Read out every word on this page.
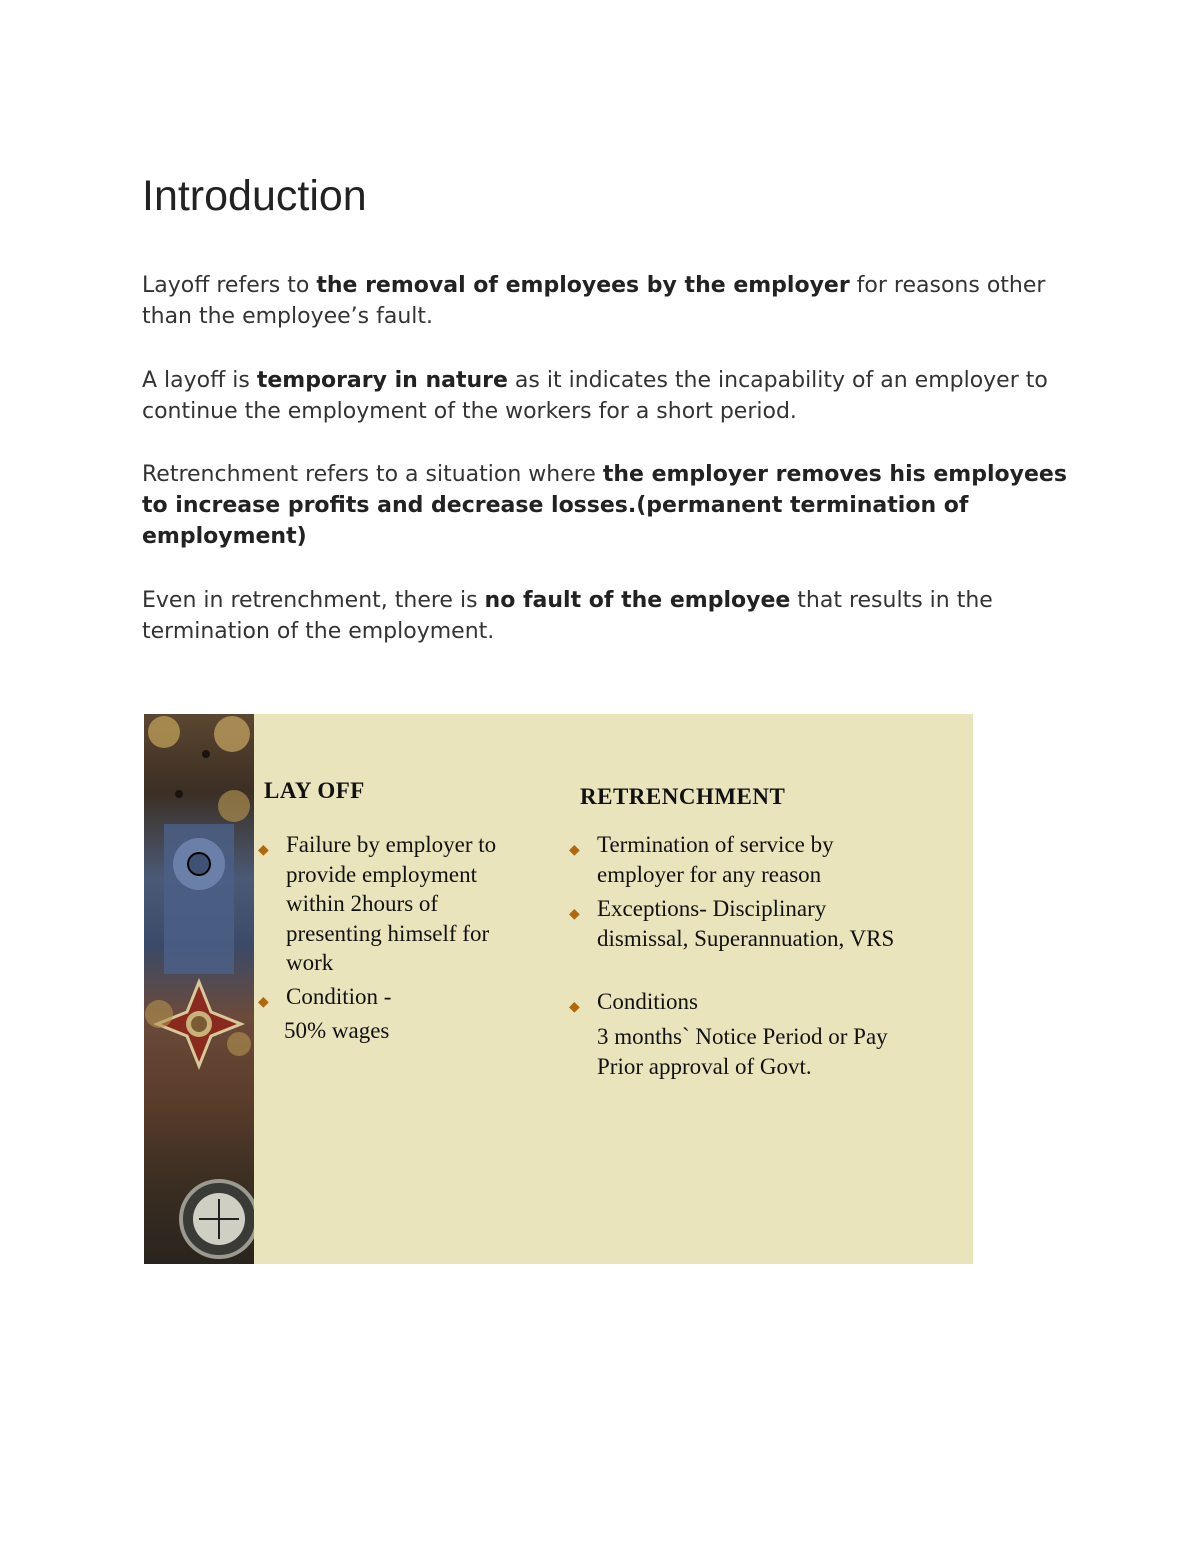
Introduction

Layoff refers to the removal of employees by the employer for reasons other than the employee’s fault.

A layoff is temporary in nature as it indicates the incapability of an employer to continue the employment of the workers for a short period.

Retrenchment refers to a situation where the employer removes his employees to increase profits and decrease losses.(permanent termination of employment)

Even in retrenchment, there is no fault of the employee that results in the termination of the employment.

LAY OFF

◆ Failure by employer to provide employment within 2hours of presenting himself for work

◆ Condition -

50% wages

RETRENCHMENT

◆ Termination of service by employer for any reason

◆ Exceptions- Disciplinary dismissal, Superannuation, VRS

◆ Conditions

3 months` Notice Period or Pay Prior approval of Govt.
